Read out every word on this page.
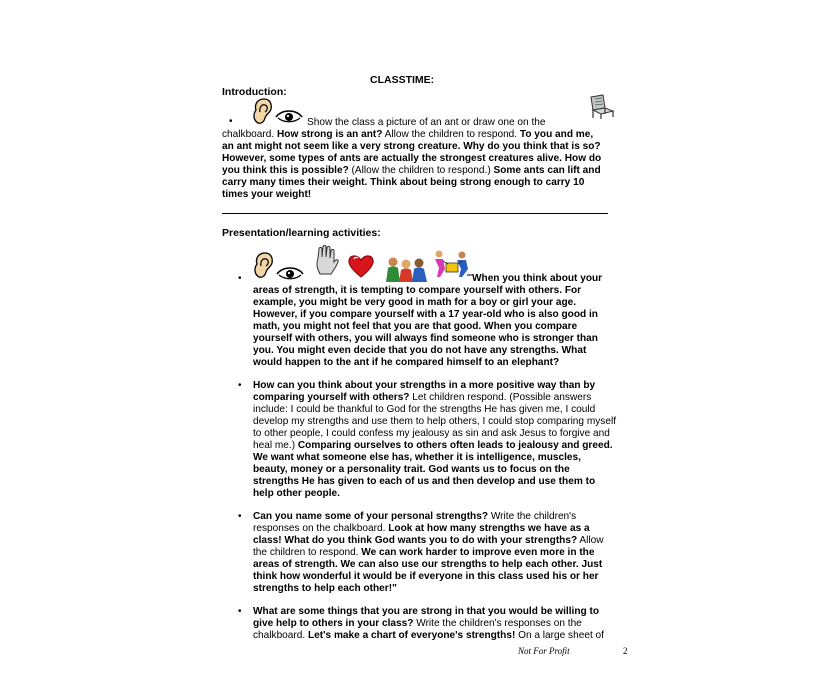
CLASSTIME:
Introduction:
•	Show the class a picture of an ant or draw one on the
chalkboard. How strong is an ant? Allow the children to respond. To you and me,
an ant might not seem like a very strong creature. Why do you think that is so?
However, some types of ants are actually the strongest creatures alive. How do
you think this is possible? (Allow the children to respond.) Some ants can lift and
carry many times their weight. Think about being strong enough to carry 10
times your weight!
Presentation/learning activities:
•	When you think about your
areas of strength, it is tempting to compare yourself with others. For
example, you might be very good in math for a boy or girl your age.
However, if you compare yourself with a 17 year-old who is also good in
math, you might not feel that you are that good. When you compare
yourself with others, you will always find someone who is stronger than
you. You might even decide that you do not have any strengths. What
would happen to the ant if he compared himself to an elephant?
• How can you think about your strengths in a more positive way than by
comparing yourself with others? Let children respond. (Possible answers
include: I could be thankful to God for the strengths He has given me, I could
develop my strengths and use them to help others, I could stop comparing myself
to other people, I could confess my jealousy as sin and ask Jesus to forgive and
heal me.) Comparing ourselves to others often leads to jealousy and greed.
We want what someone else has, whether it is intelligence, muscles,
beauty, money or a personality trait. God wants us to focus on the
strengths He has given to each of us and then develop and use them to
help other people.
• Can you name some of your personal strengths? Write the children's
responses on the chalkboard. Look at how many strengths we have as a
class! What do you think God wants you to do with your strengths? Allow
the children to respond. We can work harder to improve even more in the
areas of strength. We can also use our strengths to help each other. Just
think how wonderful it would be if everyone in this class used his or her
strengths to help each other!"
• What are some things that you are strong in that you would be willing to
give help to others in your class? Write the children's responses on the
chalkboard. Let's make a chart of everyone's strengths! On a large sheet of
Not For Profit	2
